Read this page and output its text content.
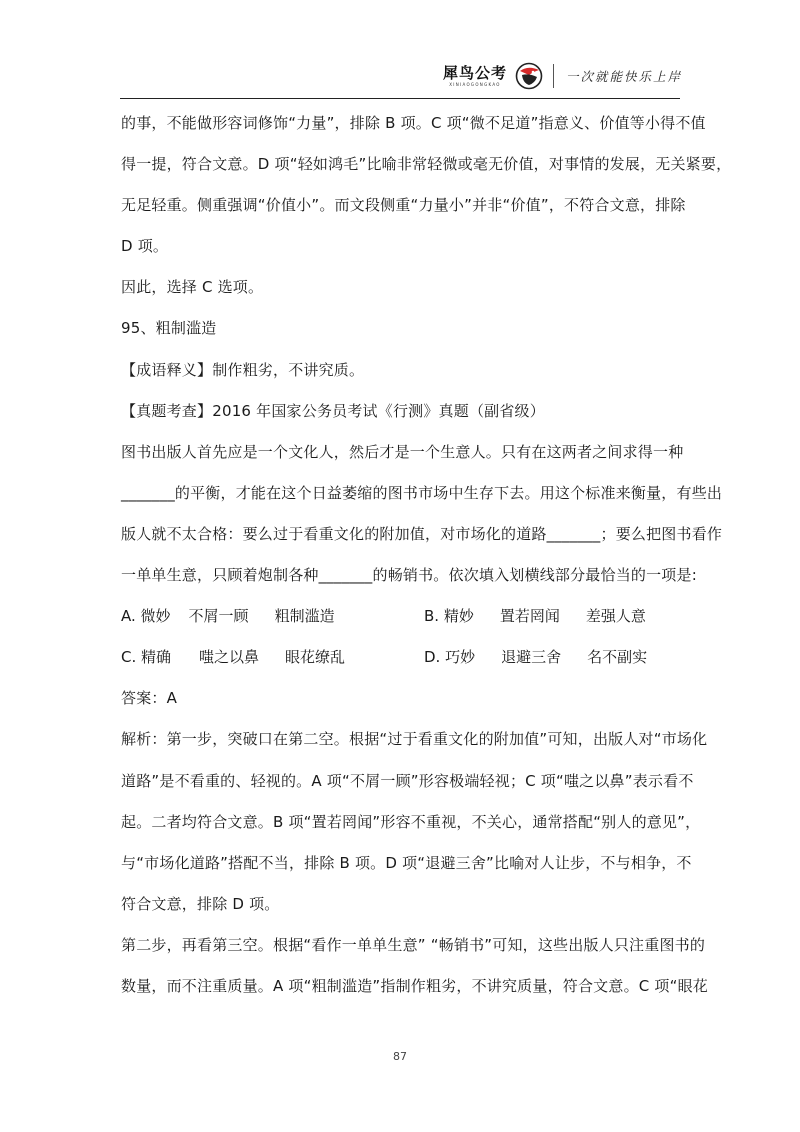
犀鸟公考
XINIAOGONGKAO
一次就能快乐上岸
的事，不能做形容词修饰“力量”，排除 B 项。C 项“微不足道”指意义、价值等小得不值
得一提，符合文意。D 项“轻如鸿毛”比喻非常轻微或毫无价值，对事情的发展，无关紧要，
无足轻重。侧重强调“价值小”。而文段侧重“力量小”并非“价值”，不符合文意，排除
D 项。
因此，选择 C 选项。
95、粗制滥造
【成语释义】制作粗劣，不讲究质。
【真题考查】2016 年国家公务员考试《行测》真题（副省级）
图书出版人首先应是一个文化人，然后才是一个生意人。只有在这两者之间求得一种
_______的平衡，才能在这个日益萎缩的图书市场中生存下去。用这个标准来衡量，有些出
版人就不太合格：要么过于看重文化的附加值，对市场化的道路_______；要么把图书看作
一单单生意，只顾着炮制各种_______的畅销书。依次填入划横线部分最恰当的一项是:
A. 微妙 不屑一顾 粗制滥造	B. 精妙 置若罔闻 差强人意
C. 精确 嗤之以鼻 眼花缭乱	D. 巧妙 退避三舍 名不副实
答案：A
解析：第一步，突破口在第二空。根据“过于看重文化的附加值”可知，出版人对“市场化
道路”是不看重的、轻视的。A 项“不屑一顾”形容极端轻视；C 项“嗤之以鼻”表示看不
起。二者均符合文意。B 项“置若罔闻”形容不重视，不关心，通常搭配“别人的意见”，
与“市场化道路”搭配不当，排除 B 项。D 项“退避三舍”比喻对人让步，不与相争，不
符合文意，排除 D 项。
第二步，再看第三空。根据“看作一单单生意” “畅销书”可知，这些出版人只注重图书的
数量，而不注重质量。A 项“粗制滥造”指制作粗劣，不讲究质量，符合文意。C 项“眼花
87
